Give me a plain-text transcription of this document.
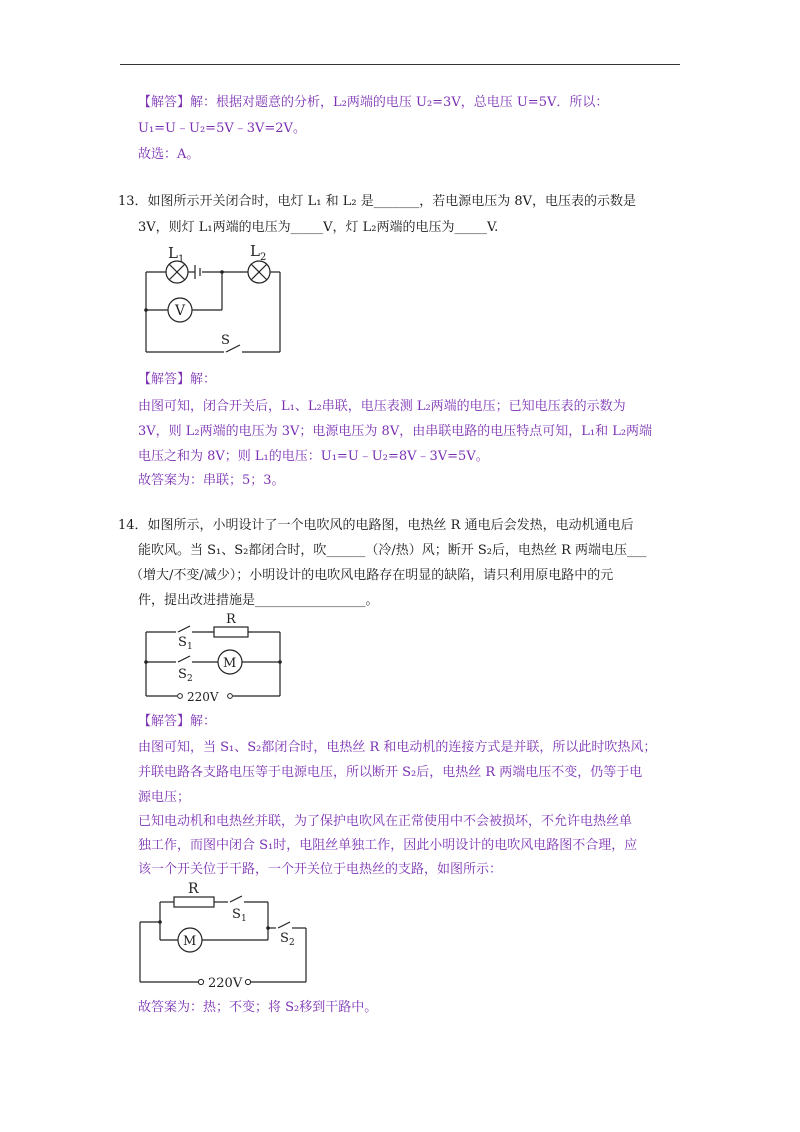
【解答】解：根据对题意的分析，L₂两端的电压 U₂=3V，总电压 U=5V．所以：
U₁=U﹣U₂=5V﹣3V=2V。
故选：A。
13．如图所示开关闭合时，电灯 L₁ 和 L₂ 是_______，若电源电压为 8V，电压表的示数是
3V，则灯 L₁两端的电压为_____V，灯 L₂两端的电压为_____V.
V
L 1	L 2
S
【解答】解：
由图可知，闭合开关后，L₁、L₂串联，电压表测 L₂两端的电压；已知电压表的示数为
3V，则 L₂两端的电压为 3V；电源电压为 8V，由串联电路的电压特点可知，L₁和 L₂两端
电压之和为 8V；则 L₁的电压：U₁=U﹣U₂=8V﹣3V=5V。
故答案为：串联；5；3。
14．如图所示，小明设计了一个电吹风的电路图，电热丝 R 通电后会发热，电动机通电后
能吹风。当 S₁、S₂都闭合时，吹______（冷/热）风；断开 S₂后，电热丝 R 两端电压___
（增大/不变/减少）；小明设计的电吹风电路存在明显的缺陷，请只利用原电路中的元
件，提出改进措施是_________________。
M
R
S 1
S 2
220V
【解答】解：
由图可知，当 S₁、S₂都闭合时，电热丝 R 和电动机的连接方式是并联，所以此时吹热风；
并联电路各支路电压等于电源电压，所以断开 S₂后，电热丝 R 两端电压不变，仍等于电
源电压；
已知电动机和电热丝并联，为了保护电吹风在正常使用中不会被损坏，不允许电热丝单
独工作，而图中闭合 S₁时，电阻丝单独工作，因此小明设计的电吹风电路图不合理，应
该一个开关位于干路，一个开关位于电热丝的支路，如图所示：
M
R
S 1
S 2
220V
故答案为：热；不变；将 S₂移到干路中。
